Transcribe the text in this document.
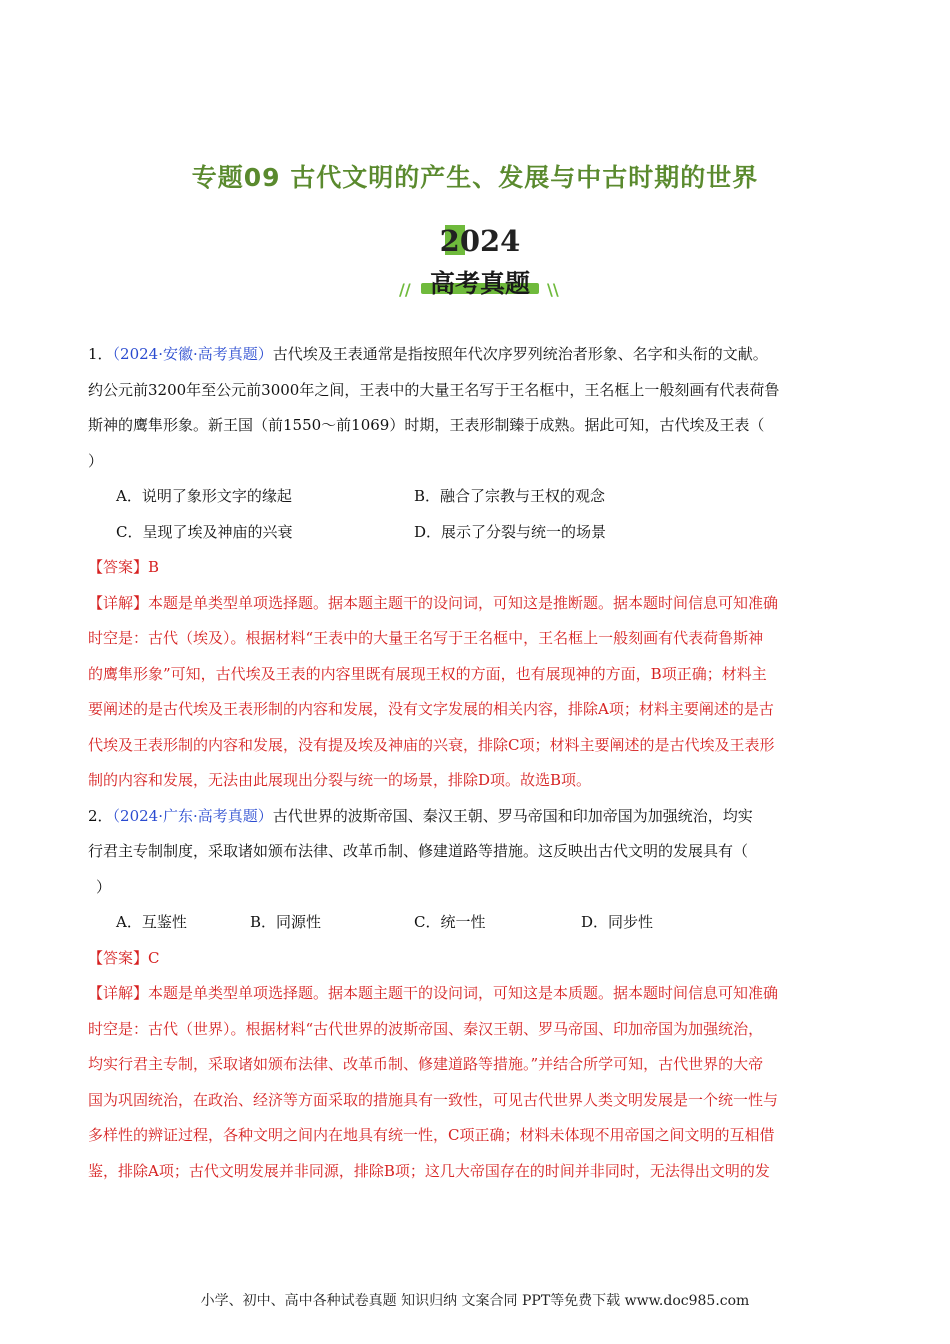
专题09 古代文明的产生、发展与中古时期的世界
2024
高考真题
//	\\

1．（2024·安徽·高考真题）古代埃及王表通常是指按照年代次序罗列统治者形象、名字和头衔的文献。
约公元前3200年至公元前3000年之间，王表中的大量王名写于王名框中，王名框上一般刻画有代表荷鲁
斯神的鹰隼形象。新王国（前1550～前1069）时期，王表形制臻于成熟。据此可知，古代埃及王表（
）

A．说明了象形文字的缘起	B．融合了宗教与王权的观念
C．呈现了埃及神庙的兴衰	D．展示了分裂与统一的场景

【答案】B

【详解】本题是单类型单项选择题。据本题主题干的设问词，可知这是推断题。据本题时间信息可知准确
时空是：古代（埃及）。根据材料“王表中的大量王名写于王名框中，王名框上一般刻画有代表荷鲁斯神
的鹰隼形象”可知，古代埃及王表的内容里既有展现王权的方面，也有展现神的方面，B项正确；材料主
要阐述的是古代埃及王表形制的内容和发展，没有文字发展的相关内容，排除A项；材料主要阐述的是古
代埃及王表形制的内容和发展，没有提及埃及神庙的兴衰，排除C项；材料主要阐述的是古代埃及王表形
制的内容和发展，无法由此展现出分裂与统一的场景，排除D项。故选B项。

2．（2024·广东·高考真题）古代世界的波斯帝国、秦汉王朝、罗马帝国和印加帝国为加强统治，均实
行君主专制制度，采取诸如颁布法律、改革币制、修建道路等措施。这反映出古代文明的发展具有（
）

A．互鉴性	B．同源性	C．统一性	D．同步性

【答案】C

【详解】本题是单类型单项选择题。据本题主题干的设问词，可知这是本质题。据本题时间信息可知准确
时空是：古代（世界）。根据材料“古代世界的波斯帝国、秦汉王朝、罗马帝国、印加帝国为加强统治，
均实行君主专制，采取诸如颁布法律、改革币制、修建道路等措施。”并结合所学可知，古代世界的大帝
国为巩固统治，在政治、经济等方面采取的措施具有一致性，可见古代世界人类文明发展是一个统一性与
多样性的辨证过程，各种文明之间内在地具有统一性，C项正确；材料未体现不用帝国之间文明的互相借
鉴，排除A项；古代文明发展并非同源，排除B项；这几大帝国存在的时间并非同时，无法得出文明的发

小学、初中、高中各种试卷真题 知识归纳 文案合同 PPT等免费下载 www.doc985.com
